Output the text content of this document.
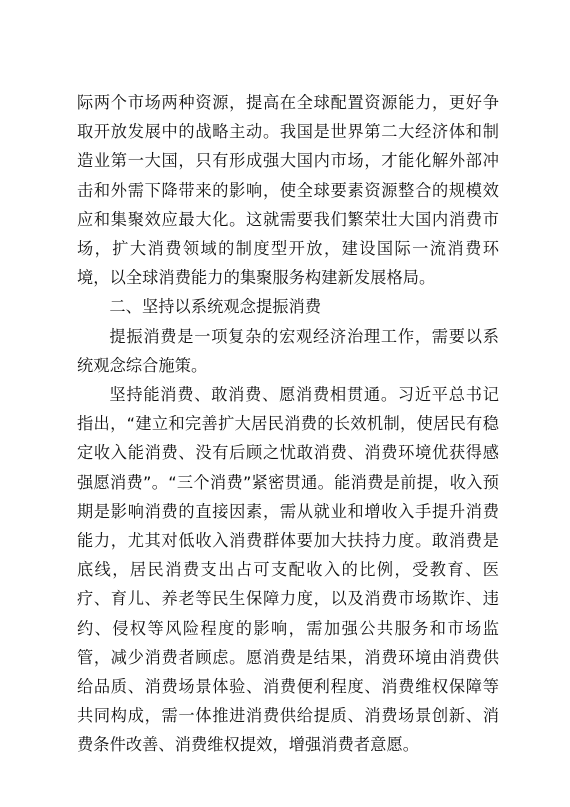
际两个市场两种资源，提高在全球配置资源能力，更好争取开放发展中的战略主动。我国是世界第二大经济体和制造业第一大国，只有形成强大国内市场，才能化解外部冲击和外需下降带来的影响，使全球要素资源整合的规模效应和集聚效应最大化。这就需要我们繁荣壮大国内消费市场，扩大消费领域的制度型开放，建设国际一流消费环境，以全球消费能力的集聚服务构建新发展格局。

二、坚持以系统观念提振消费

提振消费是一项复杂的宏观经济治理工作，需要以系统观念综合施策。

坚持能消费、敢消费、愿消费相贯通。习近平总书记指出，“建立和完善扩大居民消费的长效机制，使居民有稳定收入能消费、没有后顾之忧敢消费、消费环境优获得感强愿消费”。“三个消费”紧密贯通。能消费是前提，收入预期是影响消费的直接因素，需从就业和增收入手提升消费能力，尤其对低收入消费群体要加大扶持力度。敢消费是底线，居民消费支出占可支配收入的比例，受教育、医疗、育儿、养老等民生保障力度，以及消费市场欺诈、违约、侵权等风险程度的影响，需加强公共服务和市场监管，减少消费者顾虑。愿消费是结果，消费环境由消费供给品质、消费场景体验、消费便利程度、消费维权保障等共同构成，需一体推进消费供给提质、消费场景创新、消费条件改善、消费维权提效，增强消费者意愿。
